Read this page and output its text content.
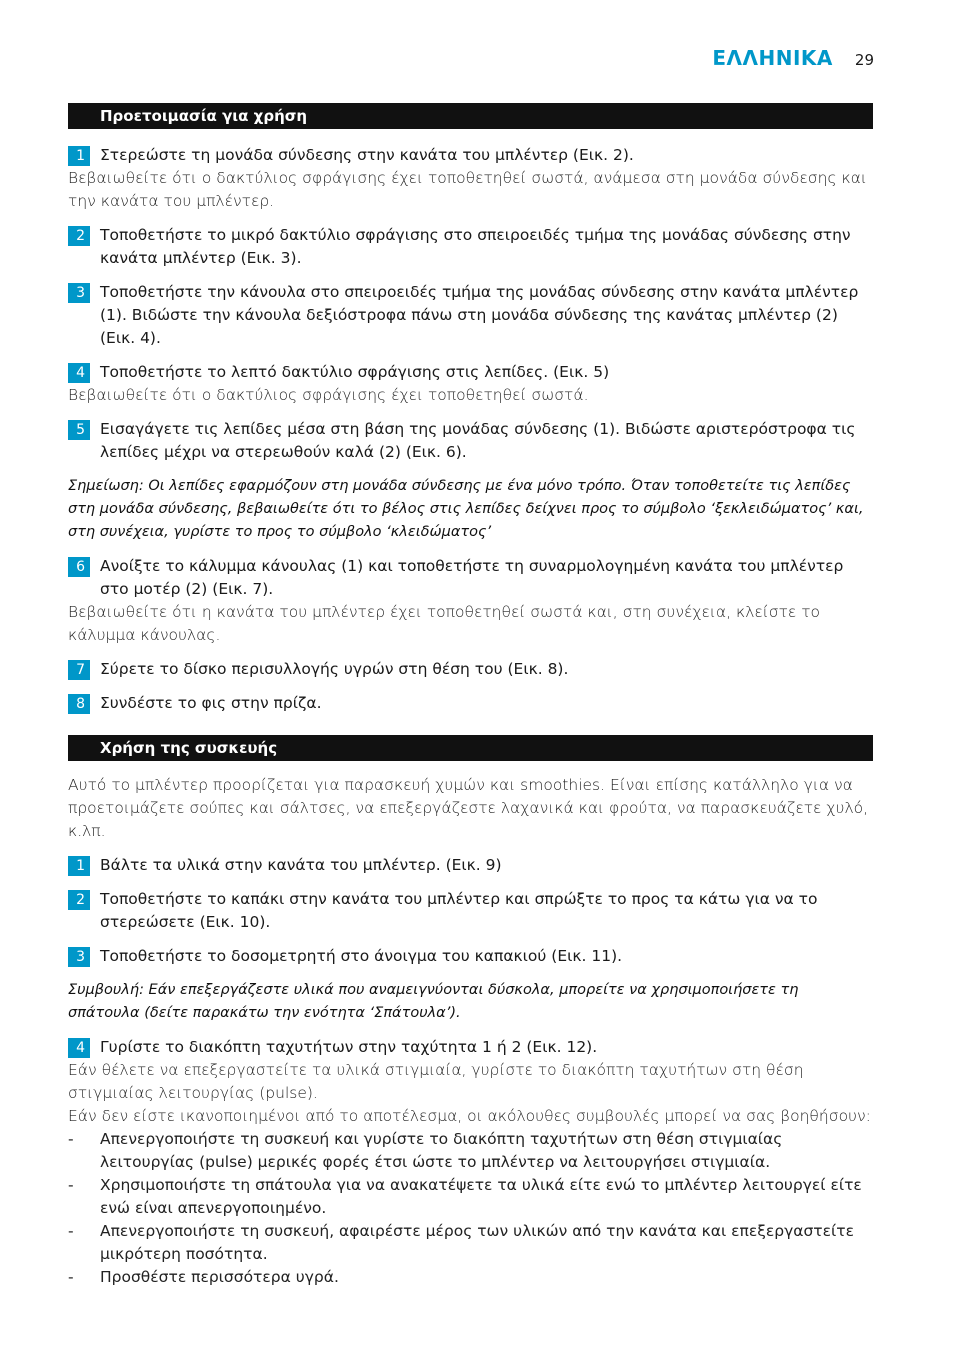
ΕΛΛΗΝΙΚΑ 29
Προετοιμασία για χρήση
1 Στερεώστε τη μονάδα σύνδεσης στην κανάτα του μπλέντερ (Εικ. 2).
Βεβαιωθείτε ότι ο δακτύλιος σφράγισης έχει τοποθετηθεί σωστά, ανάμεσα στη μονάδα σύνδεσης και την κανάτα του μπλέντερ.
2 Τοποθετήστε το μικρό δακτύλιο σφράγισης στο σπειροειδές τμήμα της μονάδας σύνδεσης στην κανάτα μπλέντερ (Εικ. 3).
3 Τοποθετήστε την κάνουλα στο σπειροειδές τμήμα της μονάδας σύνδεσης στην κανάτα μπλέντερ (1). Βιδώστε την κάνουλα δεξιόστροφα πάνω στη μονάδα σύνδεσης της κανάτας μπλέντερ (2) (Εικ. 4).
4 Τοποθετήστε το λεπτό δακτύλιο σφράγισης στις λεπίδες. (Εικ. 5)
Βεβαιωθείτε ότι ο δακτύλιος σφράγισης έχει τοποθετηθεί σωστά.
5 Εισαγάγετε τις λεπίδες μέσα στη βάση της μονάδας σύνδεσης (1). Βιδώστε αριστερόστροφα τις λεπίδες μέχρι να στερεωθούν καλά (2) (Εικ. 6).
Σημείωση: Οι λεπίδες εφαρμόζουν στη μονάδα σύνδεσης με ένα μόνο τρόπο. Όταν τοποθετείτε τις λεπίδες στη μονάδα σύνδεσης, βεβαιωθείτε ότι το βέλος στις λεπίδες δείχνει προς το σύμβολο ‘ξεκλειδώματος’ και, στη συνέχεια, γυρίστε το προς το σύμβολο ‘κλειδώματος’
6 Ανοίξτε το κάλυμμα κάνουλας (1) και τοποθετήστε τη συναρμολογημένη κανάτα του μπλέντερ στο μοτέρ (2) (Εικ. 7).
Βεβαιωθείτε ότι η κανάτα του μπλέντερ έχει τοποθετηθεί σωστά και, στη συνέχεια, κλείστε το κάλυμμα κάνουλας.
7 Σύρετε το δίσκο περισυλλογής υγρών στη θέση του (Εικ. 8).
8 Συνδέστε το φις στην πρίζα.
Χρήση της συσκευής
Αυτό το μπλέντερ προορίζεται για παρασκευή χυμών και smoothies. Είναι επίσης κατάλληλο για να προετοιμάζετε σούπες και σάλτσες, να επεξεργάζεστε λαχανικά και φρούτα, να παρασκευάζετε χυλό, κ.λπ.
1 Βάλτε τα υλικά στην κανάτα του μπλέντερ. (Εικ. 9)
2 Τοποθετήστε το καπάκι στην κανάτα του μπλέντερ και σπρώξτε το προς τα κάτω για να το στερεώσετε (Εικ. 10).
3 Τοποθετήστε το δοσομετρητή στο άνοιγμα του καπακιού (Εικ. 11).
Συμβουλή: Εάν επεξεργάζεστε υλικά που αναμειγνύονται δύσκολα, μπορείτε να χρησιμοποιήσετε τη σπάτουλα (δείτε παρακάτω την ενότητα ‘Σπάτουλα’).
4 Γυρίστε το διακόπτη ταχυτήτων στην ταχύτητα 1 ή 2 (Εικ. 12).
Εάν θέλετε να επεξεργαστείτε τα υλικά στιγμιαία, γυρίστε το διακόπτη ταχυτήτων στη θέση στιγμιαίας λειτουργίας (pulse).
Εάν δεν είστε ικανοποιημένοι από το αποτέλεσμα, οι ακόλουθες συμβουλές μπορεί να σας βοηθήσουν:
-	Απενεργοποιήστε τη συσκευή και γυρίστε το διακόπτη ταχυτήτων στη θέση στιγμιαίας λειτουργίας (pulse) μερικές φορές έτσι ώστε το μπλέντερ να λειτουργήσει στιγμιαία.
-	Χρησιμοποιήστε τη σπάτουλα για να ανακατέψετε τα υλικά είτε ενώ το μπλέντερ λειτουργεί είτε ενώ είναι απενεργοποιημένο.
-	Απενεργοποιήστε τη συσκευή, αφαιρέστε μέρος των υλικών από την κανάτα και επεξεργαστείτε μικρότερη ποσότητα.
-	Προσθέστε περισσότερα υγρά.
